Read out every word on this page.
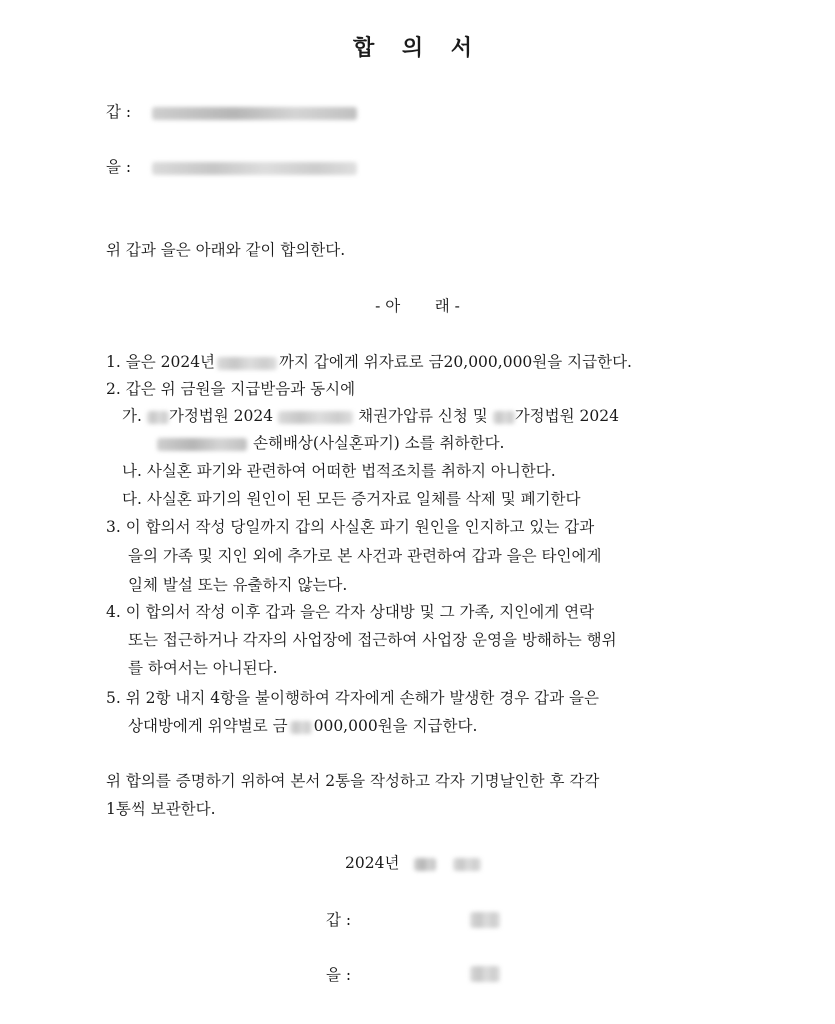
합 의 서
갑 :
을 :
위 갑과 을은 아래와 같이 합의한다.
- 아       래 -
1. 을은 2024년	까지 갑에게 위자료로 금20,000,000원을 지급한다.
2. 갑은 위 금원을 지급받음과 동시에
가. 가정법원 2024	채권가압류 신청 및 가정법원 2024
손해배상(사실혼파기) 소를 취하한다.
나. 사실혼 파기와 관련하여 어떠한 법적조치를 취하지 아니한다.
다. 사실혼 파기의 원인이 된 모든 증거자료 일체를 삭제 및 폐기한다
3. 이 합의서 작성 당일까지 갑의 사실혼 파기 원인을 인지하고 있는 갑과
을의 가족 및 지인 외에 추가로 본 사건과 관련하여 갑과 을은 타인에게
일체 발설 또는 유출하지 않는다.
4. 이 합의서 작성 이후 갑과 을은 각자 상대방 및 그 가족, 지인에게 연락
또는 접근하거나 각자의 사업장에 접근하여 사업장 운영을 방해하는 행위
를 하여서는 아니된다.
5. 위 2항 내지 4항을 불이행하여 각자에게 손해가 발생한 경우 갑과 을은
상대방에게 위약벌로 금 000,000원을 지급한다.
위 합의를 증명하기 위하여 본서 2통을 작성하고 각자 기명날인한 후 각각
1통씩 보관한다.
2024년
갑 :
을 :
